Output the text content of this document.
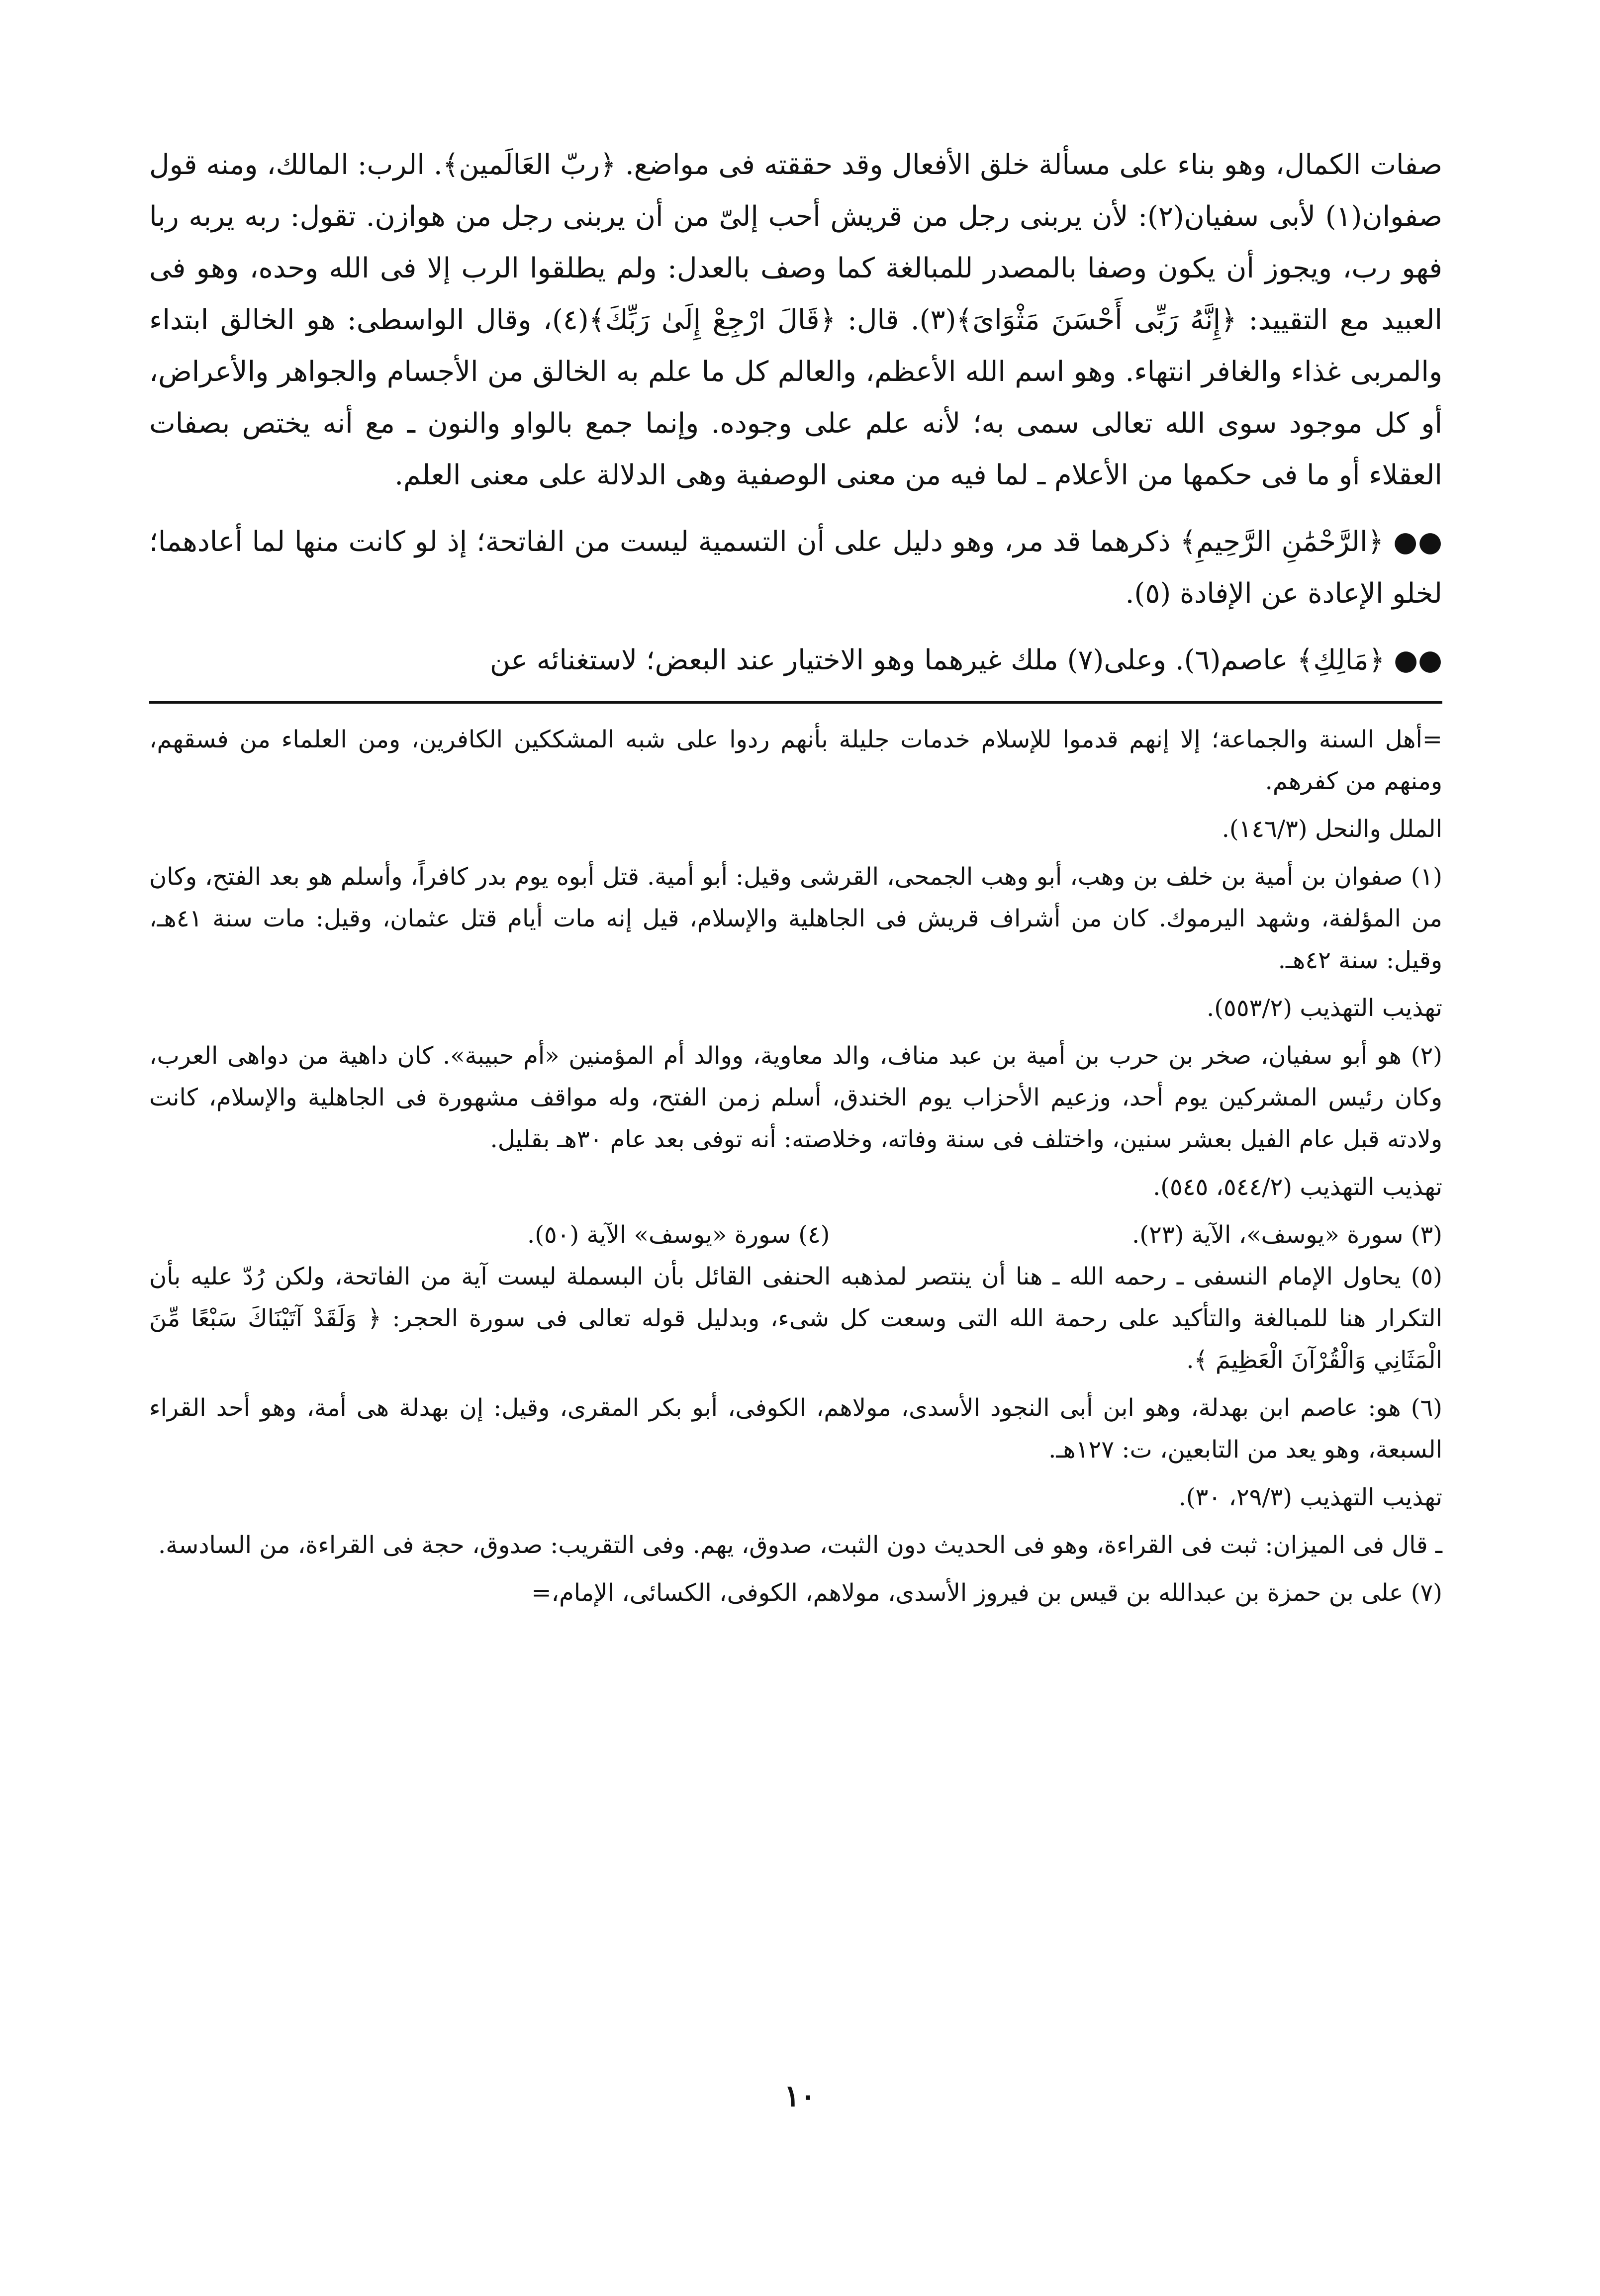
صفات الكمال، وهو بناء على مسألة خلق الأفعال وقد حققته فى مواضع. ﴿ربّ العَالَمين﴾. الرب: المالك، ومنه قول صفوان(١) لأبى سفيان(٢): لأن يربنى رجل من قريش أحب إلىّ من أن يربنى رجل من هوازن. تقول: ربه يربه ربا فهو رب، ويجوز أن يكون وصفا بالمصدر للمبالغة كما وصف بالعدل: ولم يطلقوا الرب إلا فى الله وحده، وهو فى العبيد مع التقييد: ﴿إِنَّهُ رَبِّى أَحْسَنَ مَثْوَاىَ﴾(٣). قال: ﴿قَالَ ارْجِعْ إِلَىٰ رَبِّكَ﴾(٤)، وقال الواسطى: هو الخالق ابتداء والمربى غذاء والغافر انتهاء. وهو اسم الله الأعظم، والعالم كل ما علم به الخالق من الأجسام والجواهر والأعراض، أو كل موجود سوى الله تعالى سمى به؛ لأنه علم على وجوده. وإنما جمع بالواو والنون ـ مع أنه يختص بصفات العقلاء أو ما فى حكمها من الأعلام ـ لما فيه من معنى الوصفية وهى الدلالة على معنى العلم.

●● ﴿الرَّحْمَٰنِ الرَّحِيمِ﴾ ذكرهما قد مر، وهو دليل على أن التسمية ليست من الفاتحة؛ إذ لو كانت منها لما أعادهما؛ لخلو الإعادة عن الإفادة (٥).

●● ﴿مَالِكِ﴾ عاصم(٦). وعلى(٧) ملك غيرهما وهو الاختيار عند البعض؛ لاستغنائه عن

=أهل السنة والجماعة؛ إلا إنهم قدموا للإسلام خدمات جليلة بأنهم ردوا على شبه المشككين الكافرين، ومن العلماء من فسقهم، ومنهم من كفرهم.

الملل والنحل (١٤٦/٣).

(١) صفوان بن أمية بن خلف بن وهب، أبو وهب الجمحى، القرشى وقيل: أبو أمية. قتل أبوه يوم بدر كافراً، وأسلم هو بعد الفتح، وكان من المؤلفة، وشهد اليرموك. كان من أشراف قريش فى الجاهلية والإسلام، قيل إنه مات أيام قتل عثمان، وقيل: مات سنة ٤١هـ، وقيل: سنة ٤٢هـ.

تهذيب التهذيب (٥٥٣/٢).

(٢) هو أبو سفيان، صخر بن حرب بن أمية بن عبد مناف، والد معاوية، ووالد أم المؤمنين «أم حبيبة». كان داهية من دواهى العرب، وكان رئيس المشركين يوم أحد، وزعيم الأحزاب يوم الخندق، أسلم زمن الفتح، وله مواقف مشهورة فى الجاهلية والإسلام، كانت ولادته قبل عام الفيل بعشر سنين، واختلف فى سنة وفاته، وخلاصته: أنه توفى بعد عام ٣٠هـ بقليل.

تهذيب التهذيب (٥٤٤/٢، ٥٤٥).

(٣) سورة «يوسف»، الآية (٢٣).
(٤) سورة «يوسف» الآية (٥٠).

(٥) يحاول الإمام النسفى ـ رحمه الله ـ هنا أن ينتصر لمذهبه الحنفى القائل بأن البسملة ليست آية من الفاتحة، ولكن رُدّ عليه بأن التكرار هنا للمبالغة والتأكيد على رحمة الله التى وسعت كل شىء، وبدليل قوله تعالى فى سورة الحجر: ﴿ وَلَقَدْ آتَيْنَاكَ سَبْعًا مِّنَ الْمَثَانِي وَالْقُرْآنَ الْعَظِيمَ ﴾.

(٦) هو: عاصم ابن بهدلة، وهو ابن أبى النجود الأسدى، مولاهم، الكوفى، أبو بكر المقرى، وقيل: إن بهدلة هى أمة، وهو أحد القراء السبعة، وهو يعد من التابعين، ت: ١٢٧هـ.

تهذيب التهذيب (٢٩/٣، ٣٠).

ـ قال فى الميزان: ثبت فى القراءة، وهو فى الحديث دون الثبت، صدوق، يهم. وفى التقريب: صدوق، حجة فى القراءة، من السادسة.

(٧) على بن حمزة بن عبدالله بن قيس بن فيروز الأسدى، مولاهم، الكوفى، الكسائى، الإمام،=

١٠
